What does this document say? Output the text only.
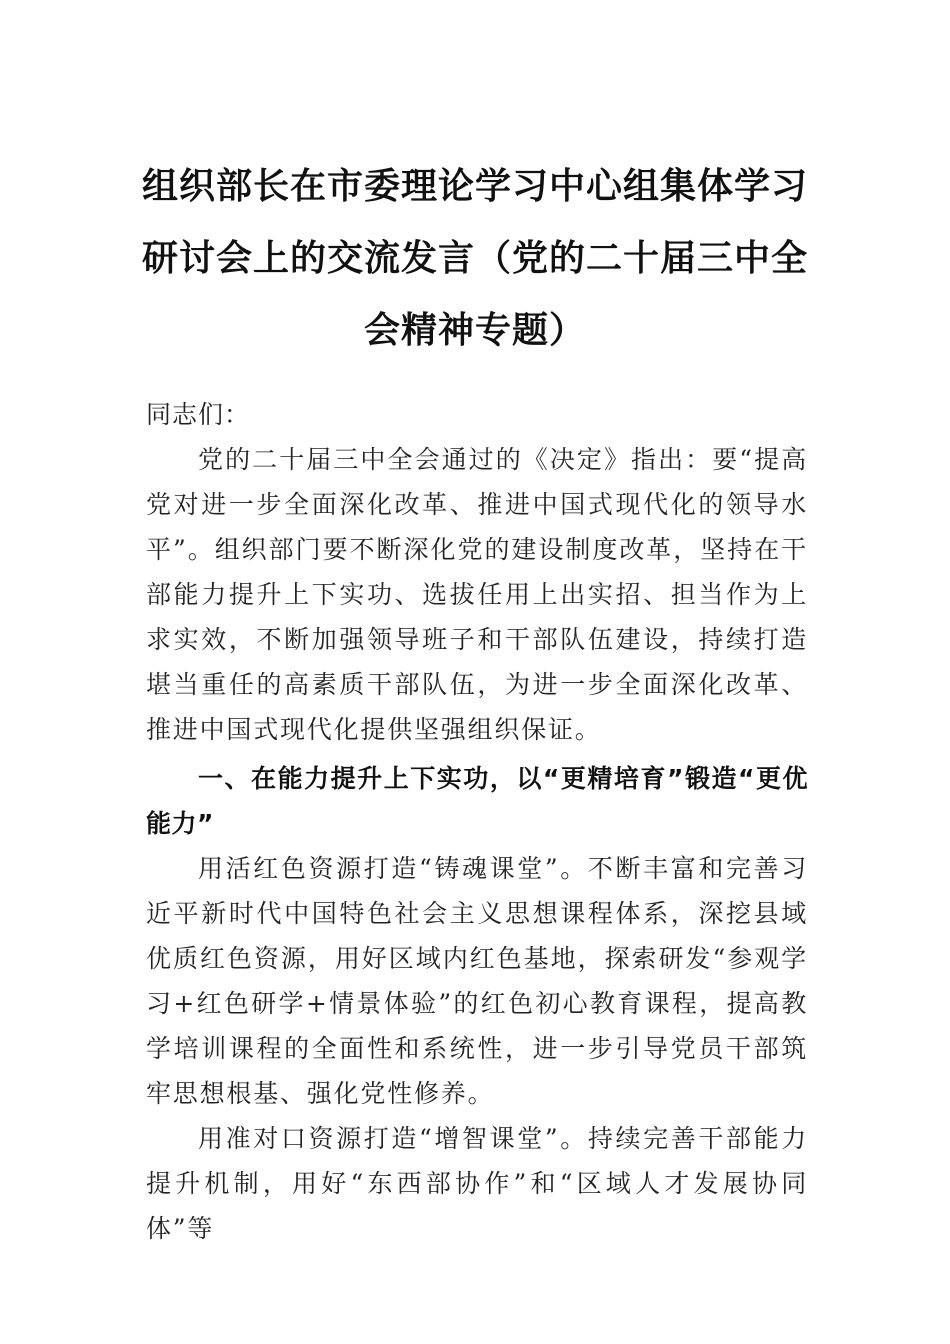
组织部长在市委理论学习中心组集体学习研讨会上的交流发言（党的二十届三中全会精神专题）

同志们：

党的二十届三中全会通过的《决定》指出：要“提高党对进一步全面深化改革、推进中国式现代化的领导水平”。组织部门要不断深化党的建设制度改革，坚持在干部能力提升上下实功、选拔任用上出实招、担当作为上求实效，不断加强领导班子和干部队伍建设，持续打造堪当重任的高素质干部队伍，为进一步全面深化改革、推进中国式现代化提供坚强组织保证。

一、在能力提升上下实功，以“更精培育”锻造“更优能力”

用活红色资源打造“铸魂课堂”。不断丰富和完善习近平新时代中国特色社会主义思想课程体系，深挖县域优质红色资源，用好区域内红色基地，探索研发“参观学习+红色研学+情景体验”的红色初心教育课程，提高教学培训课程的全面性和系统性，进一步引导党员干部筑牢思想根基、强化党性修养。

用准对口资源打造“增智课堂”。持续完善干部能力提升机制，用好“东西部协作”和“区域人才发展协同体”等
